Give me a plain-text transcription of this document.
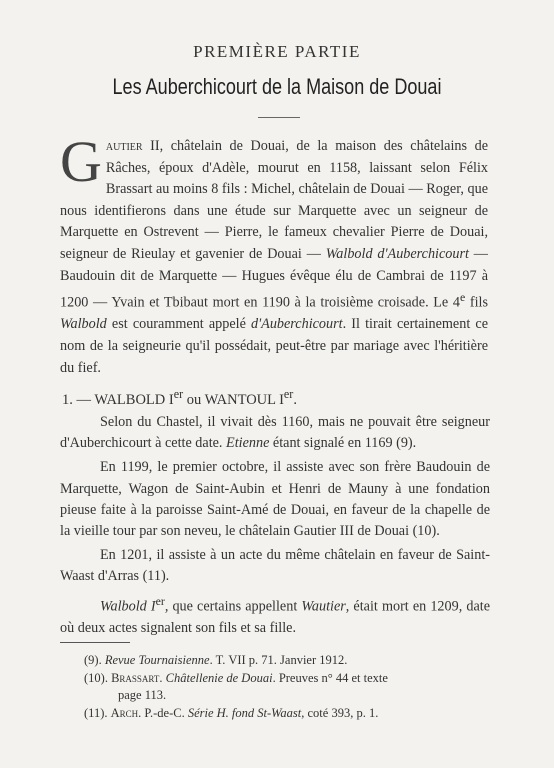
PREMIÈRE PARTIE
Les Auberchicourt de la Maison de Douai
Gautier II, châtelain de Douai, de la maison des châtelains de Râches, époux d'Adèle, mourut en 1158, laissant selon Félix Brassart au moins 8 fils : Michel, châtelain de Douai — Roger, que nous identifierons dans une étude sur Marquette avec un seigneur de Marquette en Ostrevent — Pierre, le fameux chevalier Pierre de Douai, seigneur de Rieulay et gavenier de Douai — Walbold d'Auberchicourt — Baudouin dit de Marquette — Hugues évêque élu de Cambrai de 1197 à 1200 — Yvain et Tbibaut mort en 1190 à la troisième croisade. Le 4e fils Walbold est couramment appelé d'Auberchicourt. Il tirait certainement ce nom de la seigneurie qu'il possédait, peut-être par mariage avec l'héritière du fief.
1. — WALBOLD Ier ou WANTOUL Ier.

Selon du Chastel, il vivait dès 1160, mais ne pouvait être seigneur d'Auberchicourt à cette date. Etienne étant signalé en 1169 (9).

En 1199, le premier octobre, il assiste avec son frère Baudouin de Marquette, Wagon de Saint-Aubin et Henri de Mauny à une fondation pieuse faite à la paroisse Saint-Amé de Douai, en faveur de la chapelle de la vieille tour par son neveu, le châtelain Gautier III de Douai (10).

En 1201, il assiste à un acte du même châtelain en faveur de Saint-Waast d'Arras (11).

Walbold Ier, que certains appellent Wautier, était mort en 1209, date où deux actes signalent son fils et sa fille.

(9). Revue Tournaisienne. T. VII p. 71. Janvier 1912.
(10). Brassart. Châtellenie de Douai. Preuves n° 44 et texte
page 113.
(11). Arch. P.-de-C. Série H. fond St-Waast, coté 393, p. 1.
